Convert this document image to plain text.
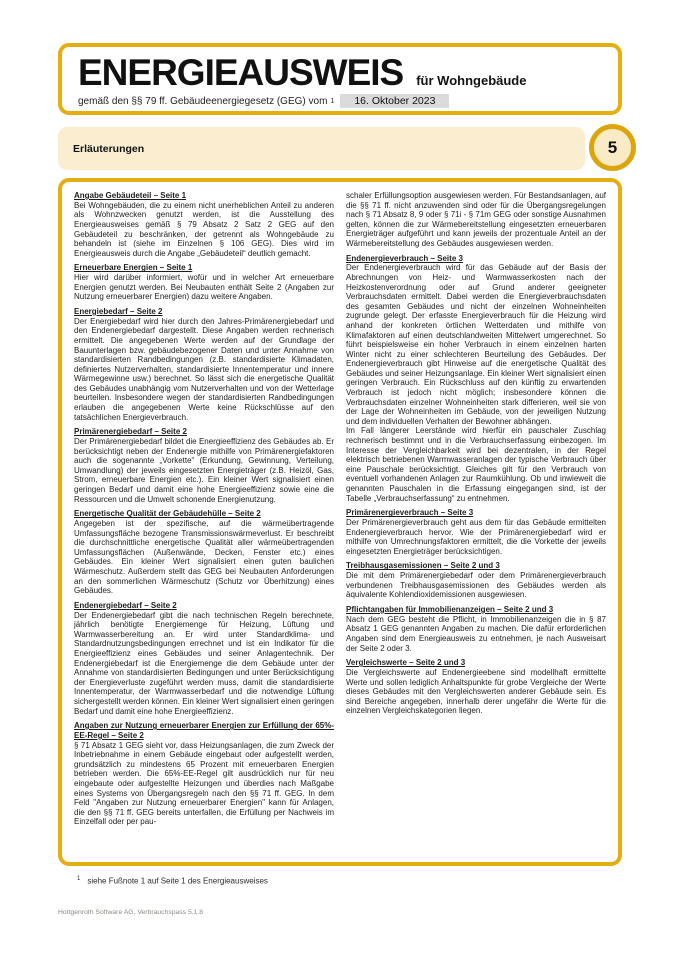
ENERGIEAUSWEIS für Wohngebäude
gemäß den §§ 79 ff. Gebäudeenergiegesetz (GEG) vom 1	16. Oktober 2023
Erläuterungen	5
Angabe Gebäudeteil – Seite 1

Bei Wohngebäuden, die zu einem nicht unerheblichen Anteil zu anderen als Wohnzwecken genutzt werden, ist die Ausstellung des Energieausweises gemäß § 79 Absatz 2 Satz 2 GEG auf den Gebäudeteil zu beschränken, der getrennt als Wohngebäude zu behandeln ist (siehe im Einzelnen § 106 GEG). Dies wird im Energieausweis durch die Angabe „Gebäudeteil“ deutlich gemacht.

Erneuerbare Energien – Seite 1

Hier wird darüber informiert, wofür und in welcher Art erneuerbare Energien genutzt werden. Bei Neubauten enthält Seite 2 (Angaben zur Nutzung erneuerbarer Energien) dazu weitere Angaben.

Energiebedarf – Seite 2

Der Energiebedarf wird hier durch den Jahres-Primärenergiebedarf und den Endenergiebedarf dargestellt. Diese Angaben werden rechnerisch ermittelt. Die angegebenen Werte werden auf der Grundlage der Bauunterlagen bzw. gebäudebezogener Daten und unter Annahme von standardisierten Randbedingungen (z.B. standardisierte Klimadaten, definiertes Nutzerverhalten, standardisierte Innentemperatur und innere Wärmegewinne usw.) berechnet. So lässt sich die energetische Qualität des Gebäudes unabhängig vom Nutzerverhalten und von der Wetterlage beurteilen. Insbesondere wegen der standardisierten Randbedingungen erlauben die angegebenen Werte keine Rückschlüsse auf den tatsächlichen Energieverbrauch.

Primärenergiebedarf – Seite 2

Der Primärenergiebedarf bildet die Energieeffizienz des Gebäudes ab. Er berücksichtigt neben der Endenergie mithilfe von Primärenergiefaktoren auch die sogenannte „Vorkette“ (Erkundung, Gewinnung, Verteilung, Umwandlung) der jeweils eingesetzten Energieträger (z.B. Heizöl, Gas, Strom, erneuerbare Energien etc.). Ein kleiner Wert signalisiert einen geringen Bedarf und damit eine hohe Energieeffizienz sowie eine die Ressourcen und die Umwelt schonende Energienutzung.

Energetische Qualität der Gebäudehülle – Seite 2

Angegeben ist der spezifische, auf die wärmeübertragende Umfassungsfläche bezogene Transmissionswärmeverlust. Er beschreibt die durchschnittliche energetische Qualität aller wärmeübertragenden Umfassungsflächen (Außenwände, Decken, Fenster etc.) eines Gebäudes. Ein kleiner Wert signalisiert einen guten baulichen Wärmeschutz. Außerdem stellt das GEG bei Neubauten Anforderungen an den sommerlichen Wärmeschutz (Schutz vor Überhitzung) eines Gebäudes.

Endenergiebedarf – Seite 2

Der Endenergiebedarf gibt die nach technischen Regeln berechnete, jährlich benötigte Energiemenge für Heizung, Lüftung und Warmwasserbereitung an. Er wird unter Standardklima- und Standardnutzungsbedingungen errechnet und ist ein Indikator für die Energieeffizienz eines Gebäudes und seiner Anlagentechnik. Der Endenergiebedarf ist die Energiemenge die dem Gebäude unter der Annahme von standardisierten Bedingungen und unter Berücksichtigung der Energieverluste zugeführt werden muss, damit die standardisierte Innentemperatur, der Warmwasserbedarf und die notwendige Lüftung sichergestellt werden können. Ein kleiner Wert signalisiert einen geringen Bedarf und damit eine hohe Energieeffizienz.

Angaben zur Nutzung erneuerbarer Energien zur Erfüllung der 65%-EE-Regel – Seite 2

§ 71 Absatz 1 GEG sieht vor, dass Heizungsanlagen, die zum Zweck der Inbetriebnahme in einem Gebäude eingebaut oder aufgestellt werden, grundsätzlich zu mindestens 65 Prozent mit erneuerbaren Energien betrieben werden. Die 65%-EE-Regel gilt ausdrücklich nur für neu eingebaute oder aufgestellte Heizungen und überdies nach Maßgabe eines Systems von Übergangsregeln nach den §§ 71 ff. GEG. In dem Feld "Angaben zur Nutzung erneuerbarer Energien" kann für Anlagen, die den §§ 71 ff. GEG bereits unterfallen, die Erfüllung per Nachweis im Einzelfall oder per pau-

schaler Erfüllungsoption ausgewiesen werden. Für Bestandsanlagen, auf die §§ 71 ff. nicht anzuwenden sind oder für die Übergangsregelungen nach § 71 Absatz 8, 9 oder § 71i - § 71m GEG oder sonstige Ausnahmen gelten, können die zur Wärmebereitstellung eingesetzten erneuerbaren Energieträger aufgeführt und kann jeweils der prozentuale Anteil an der Wärmebereitstellung des Gebäudes ausgewiesen werden.

Endenergieverbrauch – Seite 3

Der Endenergieverbrauch wird für das Gebäude auf der Basis der Abrechnungen von Heiz- und Warmwasserkosten nach der Heizkostenverordnung oder auf Grund anderer geeigneter Verbrauchsdaten ermittelt. Dabei werden die Energieverbrauchsdaten des gesamten Gebäudes und nicht der einzelnen Wohneinheiten zugrunde gelegt. Der erfasste Energieverbrauch für die Heizung wird anhand der konkreten örtlichen Wetterdaten und mithilfe von Klimafaktoren auf einen deutschlandweiten Mittelwert umgerechnet. So führt beispielsweise ein hoher Verbrauch in einem einzelnen harten Winter nicht zu einer schlechteren Beurteilung des Gebäudes. Der Endenergieverbrauch gibt Hinweise auf die energetische Qualität des Gebäudes und seiner Heizungsanlage. Ein kleiner Wert signalisiert einen geringen Verbrauch. Ein Rückschluss auf den künftig zu erwartenden Verbrauch ist jedoch nicht möglich; insbesondere können die Verbrauchsdaten einzelner Wohneinheiten stark differieren, weil sie von der Lage der Wohneinheiten im Gebäude, von der jeweiligen Nutzung und dem individuellen Verhalten der Bewohner abhängen.

Im Fall längerer Leerstände wird hierfür ein pauschaler Zuschlag rechnerisch bestimmt und in die Verbrauchserfassung einbezogen. Im Interesse der Vergleichbarkeit wird bei dezentralen, in der Regel elektrisch betriebenen Warmwasseranlagen der typische Verbrauch über eine Pauschale berücksichtigt. Gleiches gilt für den Verbrauch von eventuell vorhandenen Anlagen zur Raumkühlung. Ob und inwieweit die genannten Pauschalen in die Erfassung eingegangen sind, ist der Tabelle „Verbrauchserfassung“ zu entnehmen.

Primärenergieverbrauch – Seite 3

Der Primärenergieverbrauch geht aus dem für das Gebäude ermittelten Endenergieverbrauch hervor. Wie der Primärenergiebedarf wird er mithilfe von Umrechnungsfaktoren ermittelt, die die Vorkette der jeweils eingesetzten Energieträger berücksichtigen.

Treibhausgasemissionen – Seite 2 und 3

Die mit dem Primärenergiebedarf oder dem Primärenergieverbrauch verbundenen Treibhausgasemissionen des Gebäudes werden als äquivalente Kohlendioxidemissionen ausgewiesen.

Pflichtangaben für Immobilienanzeigen – Seite 2 und 3

Nach dem GEG besteht die Pflicht, in Immobilienanzeigen die in § 87 Absatz 1 GEG genannten Angaben zu machen. Die dafür erforderlichen Angaben sind dem Energieausweis zu entnehmen, je nach Ausweisart der Seite 2 oder 3.

Vergleichswerte – Seite 2 und 3

Die Vergleichswerte auf Endenergieebene sind modellhaft ermittelte Werte und sollen lediglich Anhaltspunkte für grobe Vergleiche der Werte dieses Gebäudes mit den Vergleichswerten anderer Gebäude sein. Es sind Bereiche angegeben, innerhalb derer ungefähr die Werte für die einzelnen Vergleichskategorien liegen.

$^1$ siehe Fußnote 1 auf Seite 1 des Energieausweises
Hottgenroth Software AG, Verbrauchspass 5.1.8
